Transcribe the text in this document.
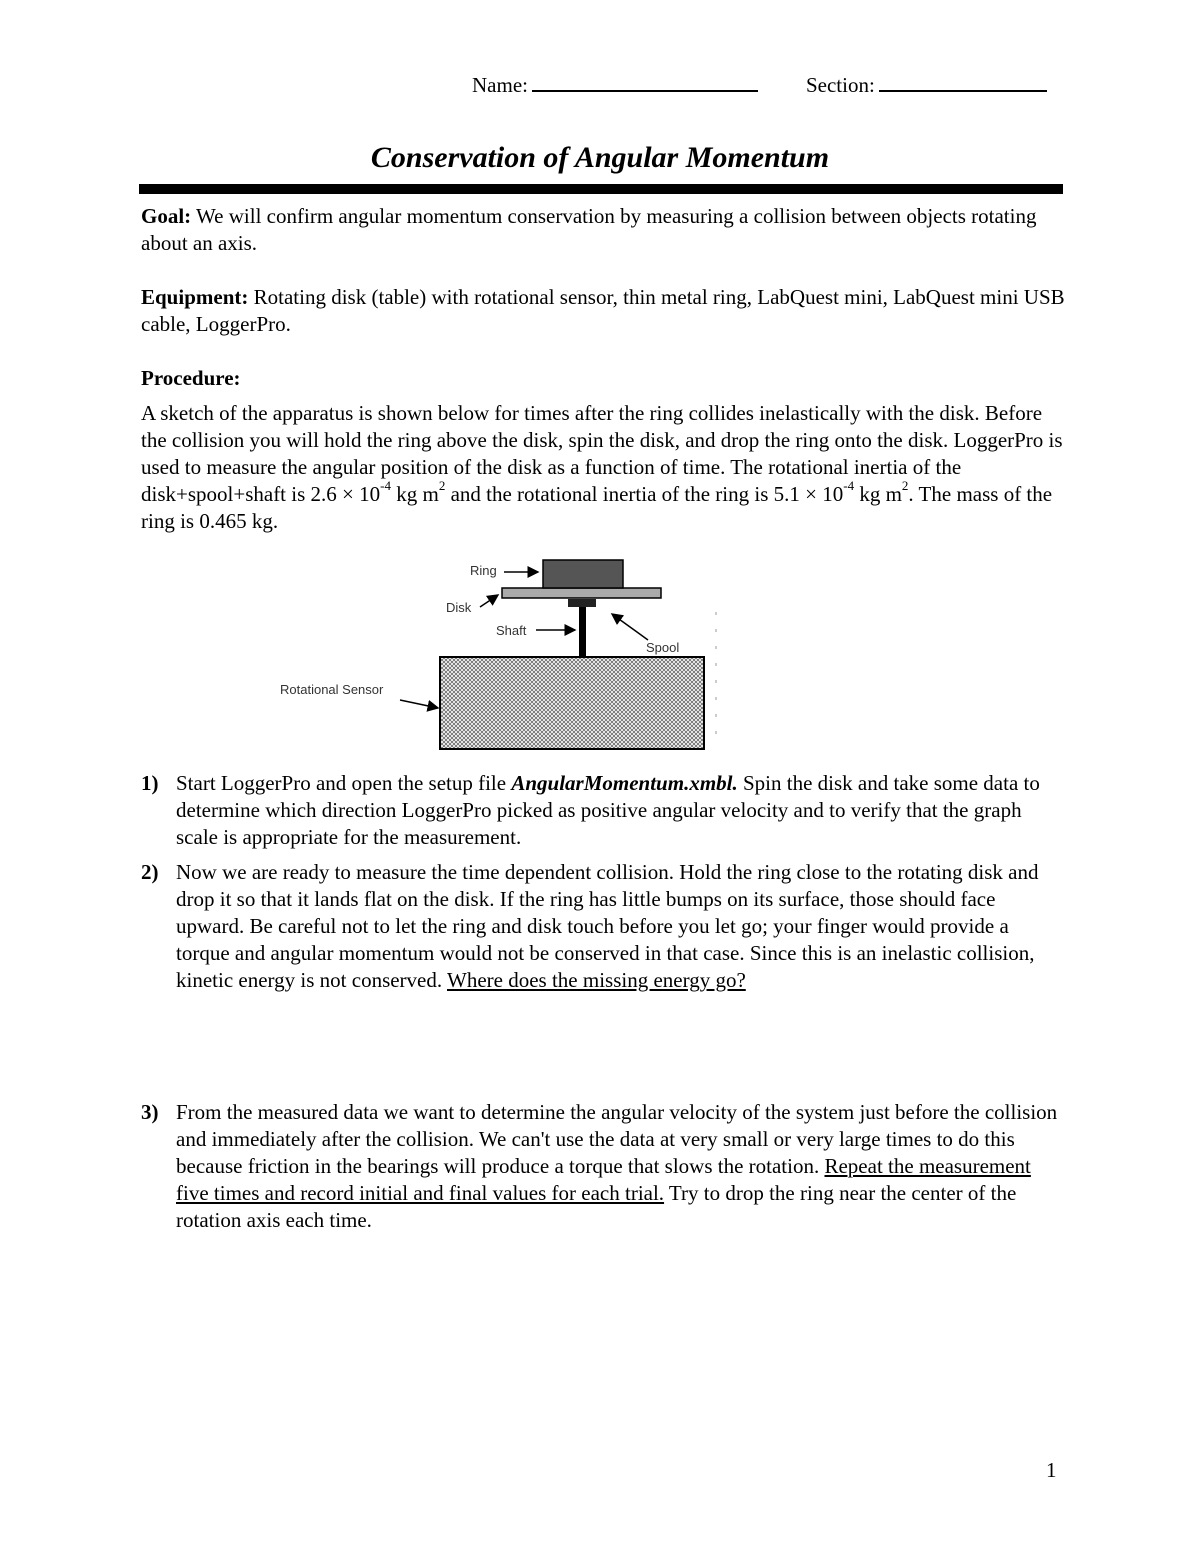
Name:	Section:
Conservation of Angular Momentum
Goal: We will confirm angular momentum conservation by measuring a collision between objects rotating about an axis.
Equipment: Rotating disk (table) with rotational sensor, thin metal ring, LabQuest mini, LabQuest mini USB cable, LoggerPro.
Procedure:
A sketch of the apparatus is shown below for times after the ring collides inelastically with the disk. Before the collision you will hold the ring above the disk, spin the disk, and drop the ring onto the disk. LoggerPro is used to measure the angular position of the disk as a function of time. The rotational inertia of the disk+spool+shaft is $2.6 \times 10^{-4}$ kg $m^2$ and the rotational inertia of the ring is $5.1 \times 10^{-4}$ kg $m^2$. The mass of the ring is 0.465 kg.
Ring
Disk
Shaft
Spool
Rotational Sensor
1) Start LoggerPro and open the setup file AngularMomentum.xmbl. Spin the disk and take some data to determine which direction LoggerPro picked as positive angular velocity and to verify that the graph scale is appropriate for the measurement.
2) Now we are ready to measure the time dependent collision. Hold the ring close to the rotating disk and drop it so that it lands flat on the disk. If the ring has little bumps on its surface, those should face upward. Be careful not to let the ring and disk touch before you let go; your finger would provide a torque and angular momentum would not be conserved in that case. Since this is an inelastic collision, kinetic energy is not conserved. Where does the missing energy go?
3) From the measured data we want to determine the angular velocity of the system just before the collision and immediately after the collision. We can't use the data at very small or very large times to do this because friction in the bearings will produce a torque that slows the rotation. Repeat the measurement five times and record initial and final values for each trial. Try to drop the ring near the center of the rotation axis each time.
1
